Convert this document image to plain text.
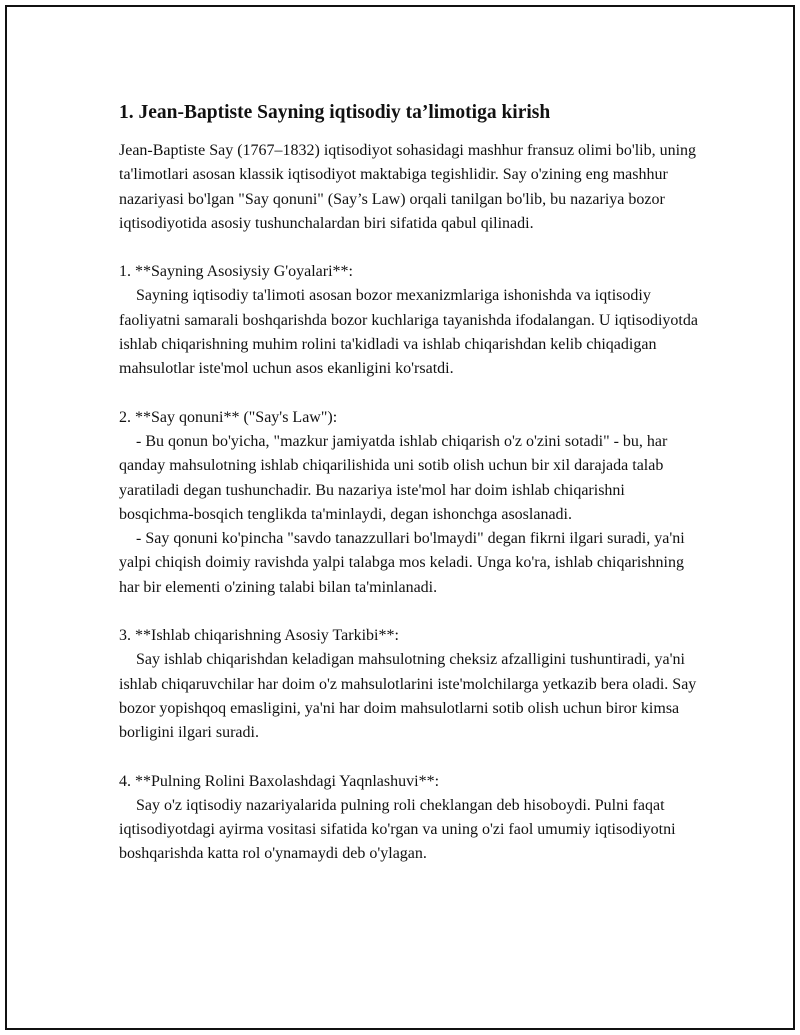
1. Jean-Baptiste Sayning iqtisodiy ta’limotiga kirish

Jean-Baptiste Say (1767–1832) iqtisodiyot sohasidagi mashhur fransuz olimi bo'lib, uning ta'limotlari asosan klassik iqtisodiyot maktabiga tegishlidir. Say o'zining eng mashhur nazariyasi bo'lgan "Say qonuni" (Say’s Law) orqali tanilgan bo'lib, bu nazariya bozor iqtisodiyotida asosiy tushunchalardan biri sifatida qabul qilinadi.

1. **Sayning Asosiysiy G'oyalari**:

Sayning iqtisodiy ta'limoti asosan bozor mexanizmlariga ishonishda va iqtisodiy faoliyatni samarali boshqarishda bozor kuchlariga tayanishda ifodalangan. U iqtisodiyotda ishlab chiqarishning muhim rolini ta'kidladi va ishlab chiqarishdan kelib chiqadigan mahsulotlar iste'mol uchun asos ekanligini ko'rsatdi.

2. **Say qonuni** ("Say's Law"):

- Bu qonun bo'yicha, "mazkur jamiyatda ishlab chiqarish o'z o'zini sotadi" - bu, har qanday mahsulotning ishlab chiqarilishida uni sotib olish uchun bir xil darajada talab yaratiladi degan tushunchadir. Bu nazariya iste'mol har doim ishlab chiqarishni bosqichma-bosqich tenglikda ta'minlaydi, degan ishonchga asoslanadi.

- Say qonuni ko'pincha "savdo tanazzullari bo'lmaydi" degan fikrni ilgari suradi, ya'ni yalpi chiqish doimiy ravishda yalpi talabga mos keladi. Unga ko'ra, ishlab chiqarishning har bir elementi o'zining talabi bilan ta'minlanadi.

3. **Ishlab chiqarishning Asosiy Tarkibi**:

Say ishlab chiqarishdan keladigan mahsulotning cheksiz afzalligini tushuntiradi, ya'ni ishlab chiqaruvchilar har doim o'z mahsulotlarini iste'molchilarga yetkazib bera oladi. Say bozor yopishqoq emasligini, ya'ni har doim mahsulotlarni sotib olish uchun biror kimsa borligini ilgari suradi.

4. **Pulning Rolini Baxolashdagi Yaqnlashuvi**:

Say o'z iqtisodiy nazariyalarida pulning roli cheklangan deb hisoboydi. Pulni faqat iqtisodiyotdagi ayirma vositasi sifatida ko'rgan va uning o'zi faol umumiy iqtisodiyotni boshqarishda katta rol o'ynamaydi deb o'ylagan.
